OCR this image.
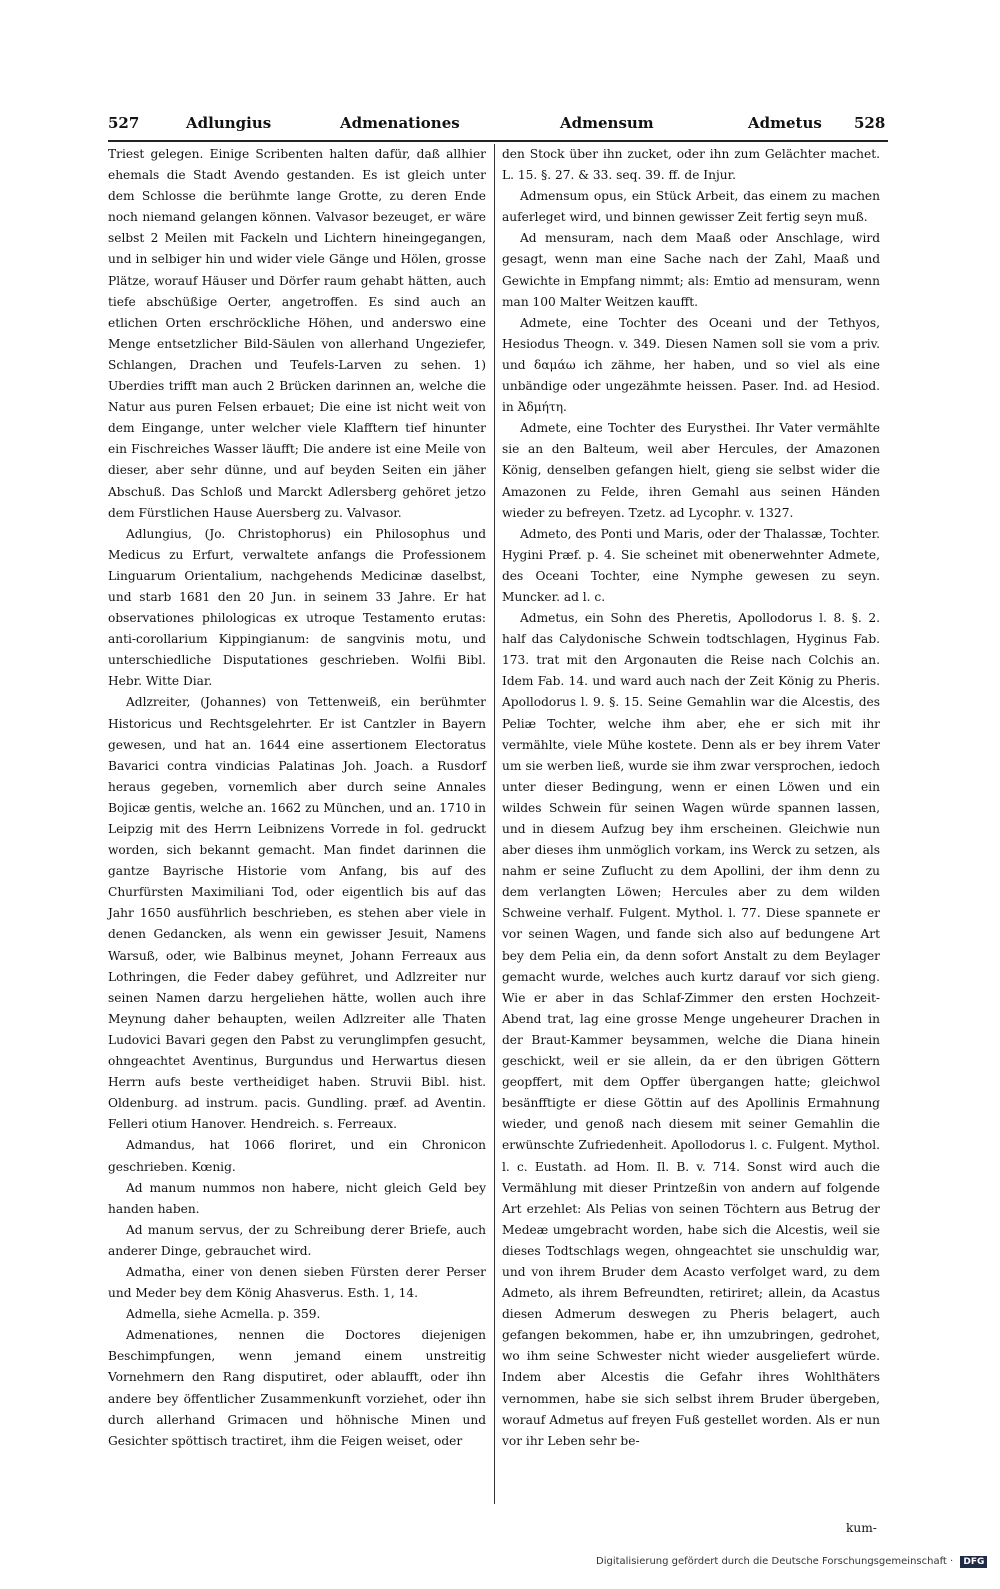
527	Adlungius	Admenationes	Admensum	Admetus 528

Triest gelegen. Einige Scribenten halten dafür, daß allhier ehemals die Stadt Avendo gestanden. Es ist gleich unter dem Schlosse die berühmte lange Grotte, zu deren Ende noch niemand gelangen können. Valvasor bezeuget, er wäre selbst 2 Meilen mit Fackeln und Lichtern hineingegangen, und in selbiger hin und wider viele Gänge und Hölen, grosse Plätze, worauf Häuser und Dörfer raum gehabt hätten, auch tiefe abschüßige Oerter, angetroffen. Es sind auch an etlichen Orten erschröckliche Höhen, und anderswo eine Menge entsetzlicher Bild-Säulen von allerhand Ungeziefer, Schlangen, Drachen und Teufels-Larven zu sehen. 1) Uberdies trifft man auch 2 Brücken darinnen an, welche die Natur aus puren Felsen erbauet; Die eine ist nicht weit von dem Eingange, unter welcher viele Klafftern tief hinunter ein Fischreiches Wasser läufft; Die andere ist eine Meile von dieser, aber sehr dünne, und auf beyden Seiten ein jäher Abschuß. Das Schloß und Marckt Adlersberg gehöret jetzo dem Fürstlichen Hause Auersberg zu. Valvasor.

Adlungius, (Jo. Christophorus) ein Philosophus und Medicus zu Erfurt, verwaltete anfangs die Professionem Linguarum Orientalium, nachgehends Medicinæ daselbst, und starb 1681 den 20 Jun. in seinem 33 Jahre. Er hat observationes philologicas ex utroque Testamento erutas: anti-corollarium Kippingianum: de sangvinis motu, und unterschiedliche Disputationes geschrieben. Wolfii Bibl. Hebr. Witte Diar.

Adlzreiter, (Johannes) von Tettenweiß, ein berühmter Historicus und Rechtsgelehrter. Er ist Cantzler in Bayern gewesen, und hat an. 1644 eine assertionem Electoratus Bavarici contra vindicias Palatinas Joh. Joach. a Rusdorf heraus gegeben, vornemlich aber durch seine Annales Bojicæ gentis, welche an. 1662 zu München, und an. 1710 in Leipzig mit des Herrn Leibnizens Vorrede in fol. gedruckt worden, sich bekannt gemacht. Man findet darinnen die gantze Bayrische Historie vom Anfang, bis auf des Churfürsten Maximiliani Tod, oder eigentlich bis auf das Jahr 1650 ausführlich beschrieben, es stehen aber viele in denen Gedancken, als wenn ein gewisser Jesuit, Namens Warsuß, oder, wie Balbinus meynet, Johann Ferreaux aus Lothringen, die Feder dabey geführet, und Adlzreiter nur seinen Namen darzu hergeliehen hätte, wollen auch ihre Meynung daher behaupten, weilen Adlzreiter alle Thaten Ludovici Bavari gegen den Pabst zu verunglimpfen gesucht, ohngeachtet Aventinus, Burgundus und Herwartus diesen Herrn aufs beste vertheidiget haben. Struvii Bibl. hist. Oldenburg. ad instrum. pacis. Gundling. præf. ad Aventin. Felleri otium Hanover. Hendreich. s. Ferreaux.

Admandus, hat 1066 floriret, und ein Chronicon geschrieben. Kœnig.

Ad manum nummos non habere, nicht gleich Geld bey handen haben.

Ad manum servus, der zu Schreibung derer Briefe, auch anderer Dinge, gebrauchet wird.

Admatha, einer von denen sieben Fürsten derer Perser und Meder bey dem König Ahasverus. Esth. 1, 14.

Admella, siehe Acmella. p. 359.

Admenationes, nennen die Doctores diejenigen Beschimpfungen, wenn jemand einem unstreitig Vornehmern den Rang disputiret, oder ablaufft, oder ihn andere bey öffentlicher Zusammenkunft vorziehet, oder ihn durch allerhand Grimacen und höhnische Minen und Gesichter spöttisch tractiret, ihm die Feigen weiset, oder

den Stock über ihn zucket, oder ihn zum Gelächter machet. L. 15. §. 27. & 33. seq. 39. ff. de Injur.

Admensum opus, ein Stück Arbeit, das einem zu machen auferleget wird, und binnen gewisser Zeit fertig seyn muß.

Ad mensuram, nach dem Maaß oder Anschlage, wird gesagt, wenn man eine Sache nach der Zahl, Maaß und Gewichte in Empfang nimmt; als: Emtio ad mensuram, wenn man 100 Malter Weitzen kaufft.

Admete, eine Tochter des Oceani und der Tethyos, Hesiodus Theogn. v. 349. Diesen Namen soll sie vom a priv. und δαμάω ich zähme, her haben, und so viel als eine unbändige oder ungezähmte heissen. Paser. Ind. ad Hesiod. in Ἀδμήτη.

Admete, eine Tochter des Eurysthei. Ihr Vater vermählte sie an den Balteum, weil aber Hercules, der Amazonen König, denselben gefangen hielt, gieng sie selbst wider die Amazonen zu Felde, ihren Gemahl aus seinen Händen wieder zu befreyen. Tzetz. ad Lycophr. v. 1327.

Admeto, des Ponti und Maris, oder der Thalassæ, Tochter. Hygini Præf. p. 4. Sie scheinet mit obenerwehnter Admete, des Oceani Tochter, eine Nymphe gewesen zu seyn. Muncker. ad l. c.

Admetus, ein Sohn des Pheretis, Apollodorus l. 8. §. 2. half das Calydonische Schwein todtschlagen, Hyginus Fab. 173. trat mit den Argonauten die Reise nach Colchis an. Idem Fab. 14. und ward auch nach der Zeit König zu Pheris. Apollodorus l. 9. §. 15. Seine Gemahlin war die Alcestis, des Peliæ Tochter, welche ihm aber, ehe er sich mit ihr vermählte, viele Mühe kostete. Denn als er bey ihrem Vater um sie werben ließ, wurde sie ihm zwar versprochen, iedoch unter dieser Bedingung, wenn er einen Löwen und ein wildes Schwein für seinen Wagen würde spannen lassen, und in diesem Aufzug bey ihm erscheinen. Gleichwie nun aber dieses ihm unmöglich vorkam, ins Werck zu setzen, als nahm er seine Zuflucht zu dem Apollini, der ihm denn zu dem verlangten Löwen; Hercules aber zu dem wilden Schweine verhalf. Fulgent. Mythol. l. 77. Diese spannete er vor seinen Wagen, und fande sich also auf bedungene Art bey dem Pelia ein, da denn sofort Anstalt zu dem Beylager gemacht wurde, welches auch kurtz darauf vor sich gieng. Wie er aber in das Schlaf-Zimmer den ersten Hochzeit-Abend trat, lag eine grosse Menge ungeheurer Drachen in der Braut-Kammer beysammen, welche die Diana hinein geschickt, weil er sie allein, da er den übrigen Göttern geopffert, mit dem Opffer übergangen hatte; gleichwol besänfftigte er diese Göttin auf des Apollinis Ermahnung wieder, und genoß nach diesem mit seiner Gemahlin die erwünschte Zufriedenheit. Apollodorus l. c. Fulgent. Mythol. l. c. Eustath. ad Hom. Il. B. v. 714. Sonst wird auch die Vermählung mit dieser Printzeßin von andern auf folgende Art erzehlet: Als Pelias von seinen Töchtern aus Betrug der Medeæ umgebracht worden, habe sich die Alcestis, weil sie dieses Todtschlags wegen, ohngeachtet sie unschuldig war, und von ihrem Bruder dem Acasto verfolget ward, zu dem Admeto, als ihrem Befreundten, retiriret; allein, da Acastus diesen Admerum deswegen zu Pheris belagert, auch gefangen bekommen, habe er, ihn umzubringen, gedrohet, wo ihm seine Schwester nicht wieder ausgeliefert würde. Indem aber Alcestis die Gefahr ihres Wohlthäters vernommen, habe sie sich selbst ihrem Bruder übergeben, worauf Admetus auf freyen Fuß gestellet worden. Als er nun vor ihr Leben sehr be-

kum-
Digitalisierung gefördert durch die Deutsche Forschungsgemeinschaft · DFG
